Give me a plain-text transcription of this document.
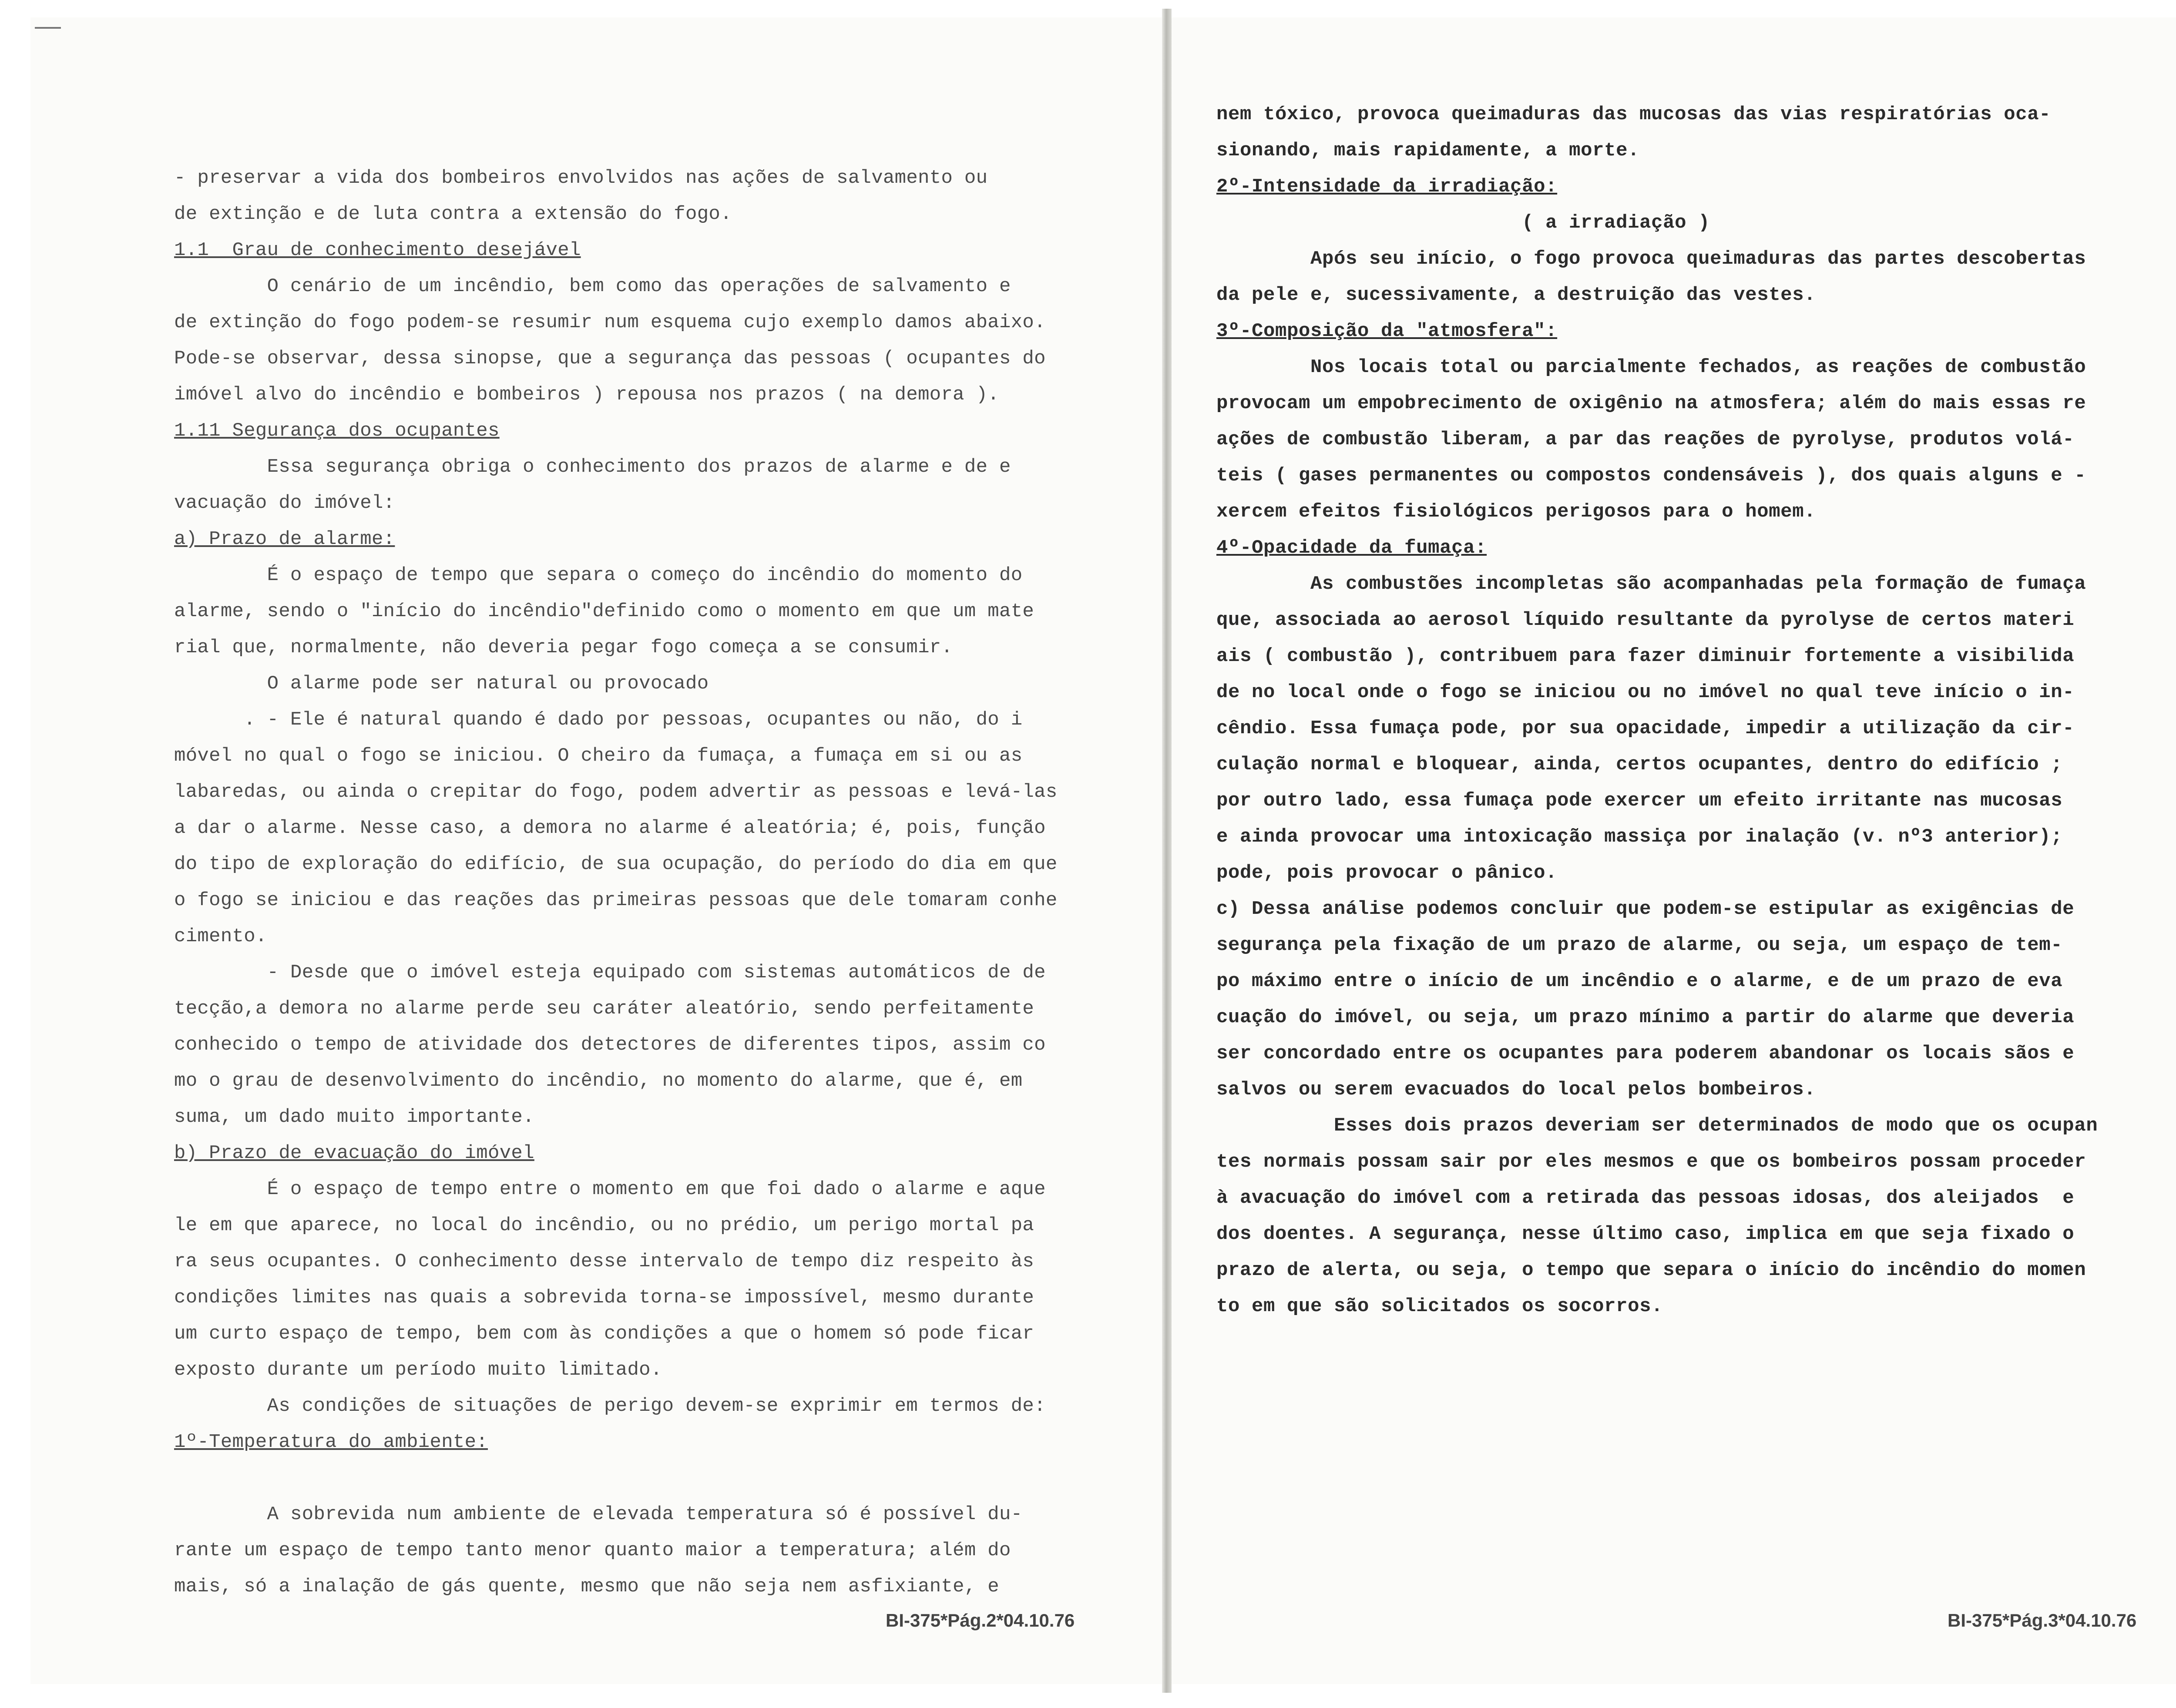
- preservar a vida dos bombeiros envolvidos nas ações de salvamento ou
de extinção e de luta contra a extensão do fogo.
1.1  Grau de conhecimento desejável
O cenário de um incêndio, bem como das operações de salvamento e
de extinção do fogo podem-se resumir num esquema cujo exemplo damos abaixo.
Pode-se observar, dessa sinopse, que a segurança das pessoas ( ocupantes do
imóvel alvo do incêndio e bombeiros ) repousa nos prazos ( na demora ).
1.11 Segurança dos ocupantes
Essa segurança obriga o conhecimento dos prazos de alarme e de e
vacuação do imóvel:
a) Prazo de alarme:
É o espaço de tempo que separa o começo do incêndio do momento do
alarme, sendo o "início do incêndio"definido como o momento em que um mate
rial que, normalmente, não deveria pegar fogo começa a se consumir.
O alarme pode ser natural ou provocado
. - Ele é natural quando é dado por pessoas, ocupantes ou não, do i
móvel no qual o fogo se iniciou. O cheiro da fumaça, a fumaça em si ou as
labaredas, ou ainda o crepitar do fogo, podem advertir as pessoas e levá-las
a dar o alarme. Nesse caso, a demora no alarme é aleatória; é, pois, função
do tipo de exploração do edifício, de sua ocupação, do período do dia em que
o fogo se iniciou e das reações das primeiras pessoas que dele tomaram conhe
cimento.
- Desde que o imóvel esteja equipado com sistemas automáticos de de
tecção,a demora no alarme perde seu caráter aleatório, sendo perfeitamente
conhecido o tempo de atividade dos detectores de diferentes tipos, assim co
mo o grau de desenvolvimento do incêndio, no momento do alarme, que é, em
suma, um dado muito importante.
b) Prazo de evacuação do imóvel
É o espaço de tempo entre o momento em que foi dado o alarme e aque
le em que aparece, no local do incêndio, ou no prédio, um perigo mortal pa
ra seus ocupantes. O conhecimento desse intervalo de tempo diz respeito às
condições limites nas quais a sobrevida torna-se impossível, mesmo durante
um curto espaço de tempo, bem com às condições a que o homem só pode ficar
exposto durante um período muito limitado.
As condições de situações de perigo devem-se exprimir em termos de:
1º-Temperatura do ambiente:
A sobrevida num ambiente de elevada temperatura só é possível du-
rante um espaço de tempo tanto menor quanto maior a temperatura; além do
mais, só a inalação de gás quente, mesmo que não seja nem asfixiante, e
nem tóxico, provoca queimaduras das mucosas das vias respiratórias oca-
sionando, mais rapidamente, a morte.
2º-Intensidade da irradiação:
( a irradiação )
Após seu início, o fogo provoca queimaduras das partes descobertas
da pele e, sucessivamente, a destruição das vestes.
3º-Composição da "atmosfera":
Nos locais total ou parcialmente fechados, as reações de combustão
provocam um empobrecimento de oxigênio na atmosfera; além do mais essas re
ações de combustão liberam, a par das reações de pyrolyse, produtos volá-
teis ( gases permanentes ou compostos condensáveis ), dos quais alguns e -
xercem efeitos fisiológicos perigosos para o homem.
4º-Opacidade da fumaça:
As combustões incompletas são acompanhadas pela formação de fumaça
que, associada ao aerosol líquido resultante da pyrolyse de certos materi
ais ( combustão ), contribuem para fazer diminuir fortemente a visibilida
de no local onde o fogo se iniciou ou no imóvel no qual teve início o in-
cêndio. Essa fumaça pode, por sua opacidade, impedir a utilização da cir-
culação normal e bloquear, ainda, certos ocupantes, dentro do edifício ;
por outro lado, essa fumaça pode exercer um efeito irritante nas mucosas
e ainda provocar uma intoxicação massiça por inalação (v. nº3 anterior);
pode, pois provocar o pânico.
c) Dessa análise podemos concluir que podem-se estipular as exigências de
segurança pela fixação de um prazo de alarme, ou seja, um espaço de tem-
po máximo entre o início de um incêndio e o alarme, e de um prazo de eva
cuação do imóvel, ou seja, um prazo mínimo a partir do alarme que deveria
ser concordado entre os ocupantes para poderem abandonar os locais sãos e
salvos ou serem evacuados do local pelos bombeiros.
Esses dois prazos deveriam ser determinados de modo que os ocupan
tes normais possam sair por eles mesmos e que os bombeiros possam proceder
à avacuação do imóvel com a retirada das pessoas idosas, dos aleijados  e
dos doentes. A segurança, nesse último caso, implica em que seja fixado o
prazo de alerta, ou seja, o tempo que separa o início do incêndio do momen
to em que são solicitados os socorros.
BI-375*Pág.2*04.10.76	BI-375*Pág.3*04.10.76
